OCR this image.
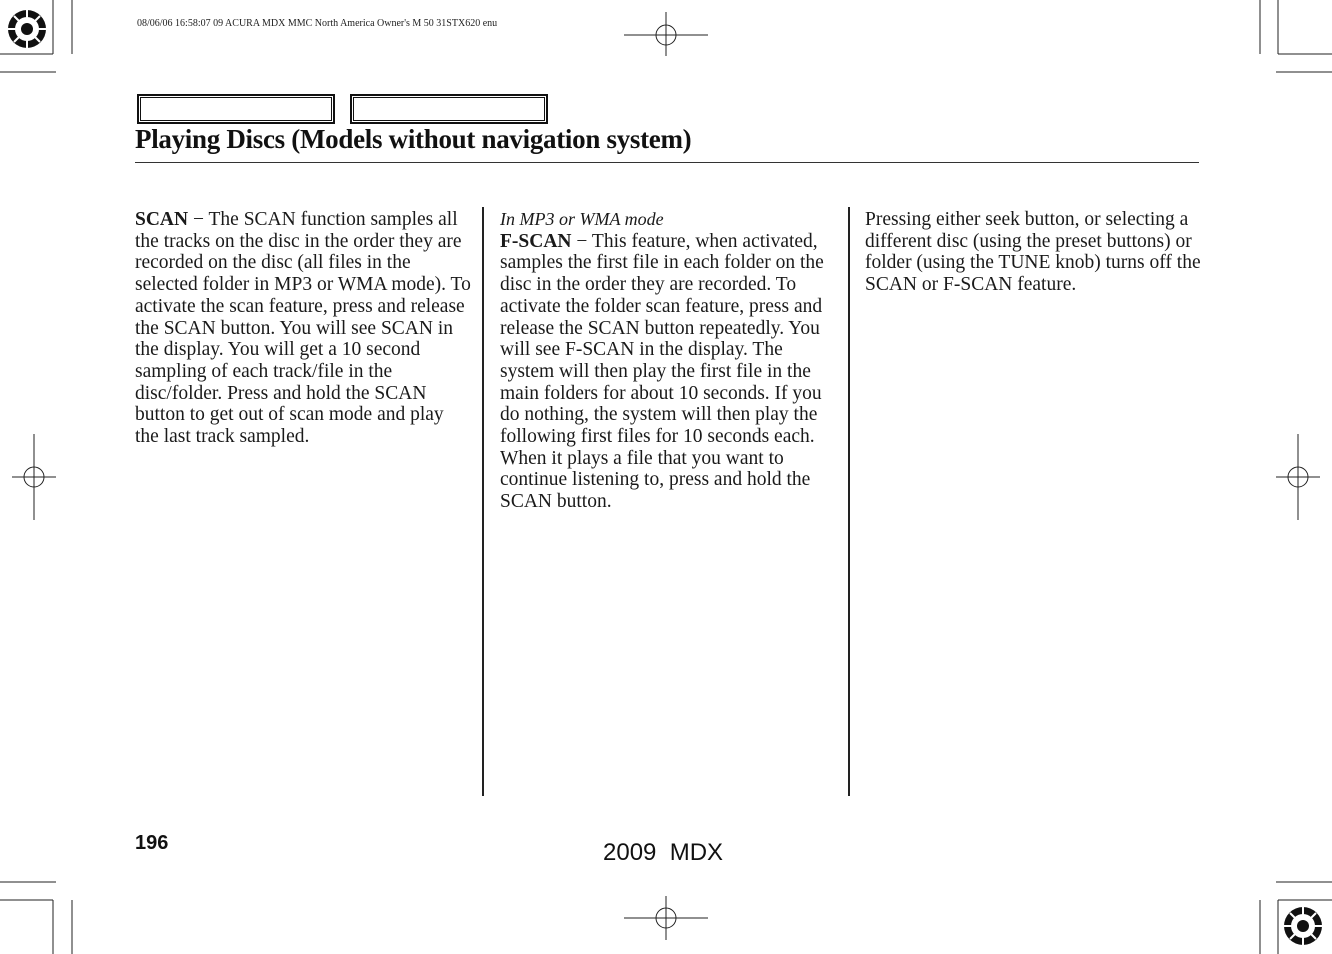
08/06/06 16:58:07 09 ACURA MDX MMC North America Owner's M 50 31STX620 enu
Playing Discs (Models without navigation system)

SCAN − The SCAN function samples all the tracks on the disc in the order they are recorded on the disc (all files in the selected folder in MP3 or WMA mode). To activate the scan feature, press and release the SCAN button. You will see SCAN in the display. You will get a 10 second sampling of each track/file in the disc/folder. Press and hold the SCAN button to get out of scan mode and play the last track sampled.

In MP3 or WMA mode

F-SCAN − This feature, when activated, samples the first file in each folder on the disc in the order they are recorded. To activate the folder scan feature, press and release the SCAN button repeatedly. You will see F-SCAN in the display. The system will then play the first file in the main folders for about 10 seconds. If you do nothing, the system will then play the following first files for 10 seconds each. When it plays a file that you want to continue listening to, press and hold the SCAN button.

Pressing either seek button, or selecting a different disc (using the preset buttons) or folder (using the TUNE knob) turns off the SCAN or F-SCAN feature.

196	2009  MDX
